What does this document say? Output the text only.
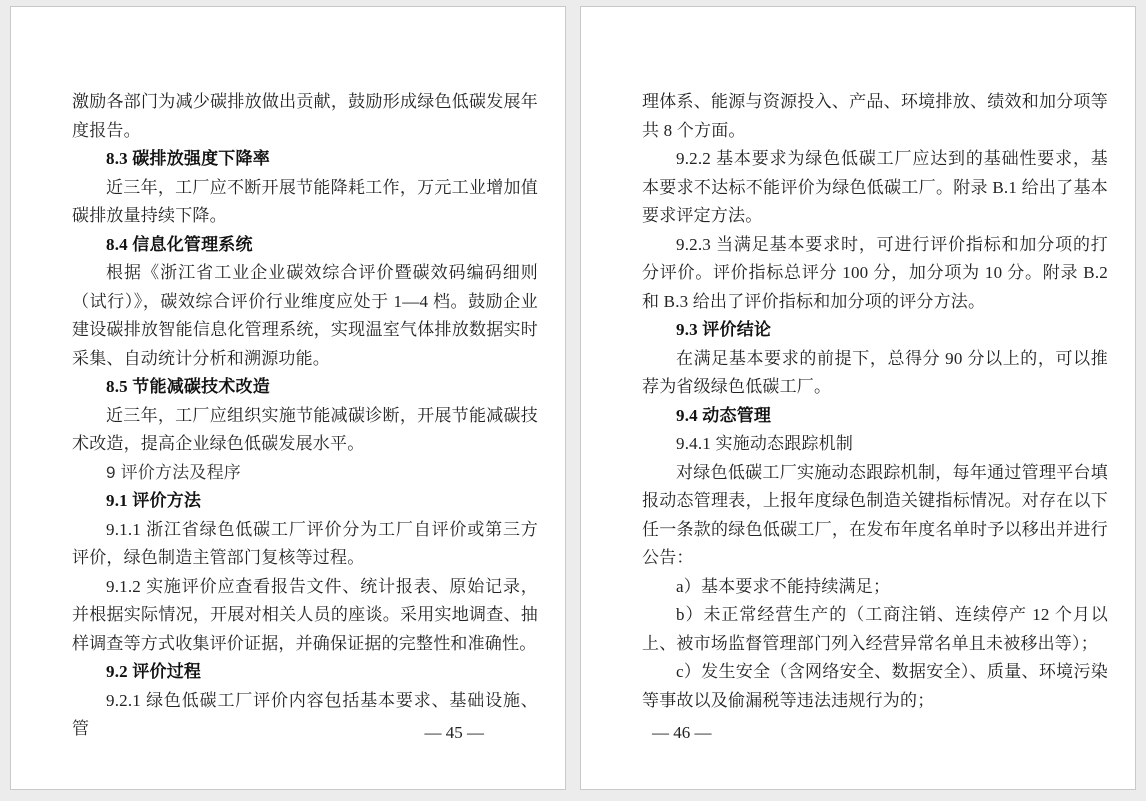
激励各部门为减少碳排放做出贡献，鼓励形成绿色低碳发展年度报告。

8.3 碳排放强度下降率

近三年，工厂应不断开展节能降耗工作，万元工业增加值碳排放量持续下降。

8.4 信息化管理系统

根据《浙江省工业企业碳效综合评价暨碳效码编码细则（试行）》，碳效综合评价行业维度应处于 1—4 档。鼓励企业建设碳排放智能信息化管理系统，实现温室气体排放数据实时采集、自动统计分析和溯源功能。

8.5 节能减碳技术改造

近三年，工厂应组织实施节能减碳诊断，开展节能减碳技术改造，提高企业绿色低碳发展水平。

9 评价方法及程序

9.1 评价方法

9.1.1 浙江省绿色低碳工厂评价分为工厂自评价或第三方评价，绿色制造主管部门复核等过程。

9.1.2 实施评价应查看报告文件、统计报表、原始记录，并根据实际情况，开展对相关人员的座谈。采用实地调查、抽样调查等方式收集评价证据，并确保证据的完整性和准确性。

9.2 评价过程

9.2.1 绿色低碳工厂评价内容包括基本要求、基础设施、管	— 45 —

理体系、能源与资源投入、产品、环境排放、绩效和加分项等共 8 个方面。

9.2.2 基本要求为绿色低碳工厂应达到的基础性要求，基本要求不达标不能评价为绿色低碳工厂。附录 B.1 给出了基本要求评定方法。

9.2.3 当满足基本要求时，可进行评价指标和加分项的打分评价。评价指标总评分 100 分，加分项为 10 分。附录 B.2 和 B.3 给出了评价指标和加分项的评分方法。

9.3 评价结论

在满足基本要求的前提下，总得分 90 分以上的，可以推荐为省级绿色低碳工厂。

9.4 动态管理

9.4.1 实施动态跟踪机制

对绿色低碳工厂实施动态跟踪机制，每年通过管理平台填报动态管理表，上报年度绿色制造关键指标情况。对存在以下任一条款的绿色低碳工厂，在发布年度名单时予以移出并进行公告：

a）基本要求不能持续满足；

b）未正常经营生产的（工商注销、连续停产 12 个月以上、被市场监督管理部门列入经营异常名单且未被移出等）；

c）发生安全（含网络安全、数据安全）、质量、环境污染等事故以及偷漏税等违法违规行为的；

— 46 —
